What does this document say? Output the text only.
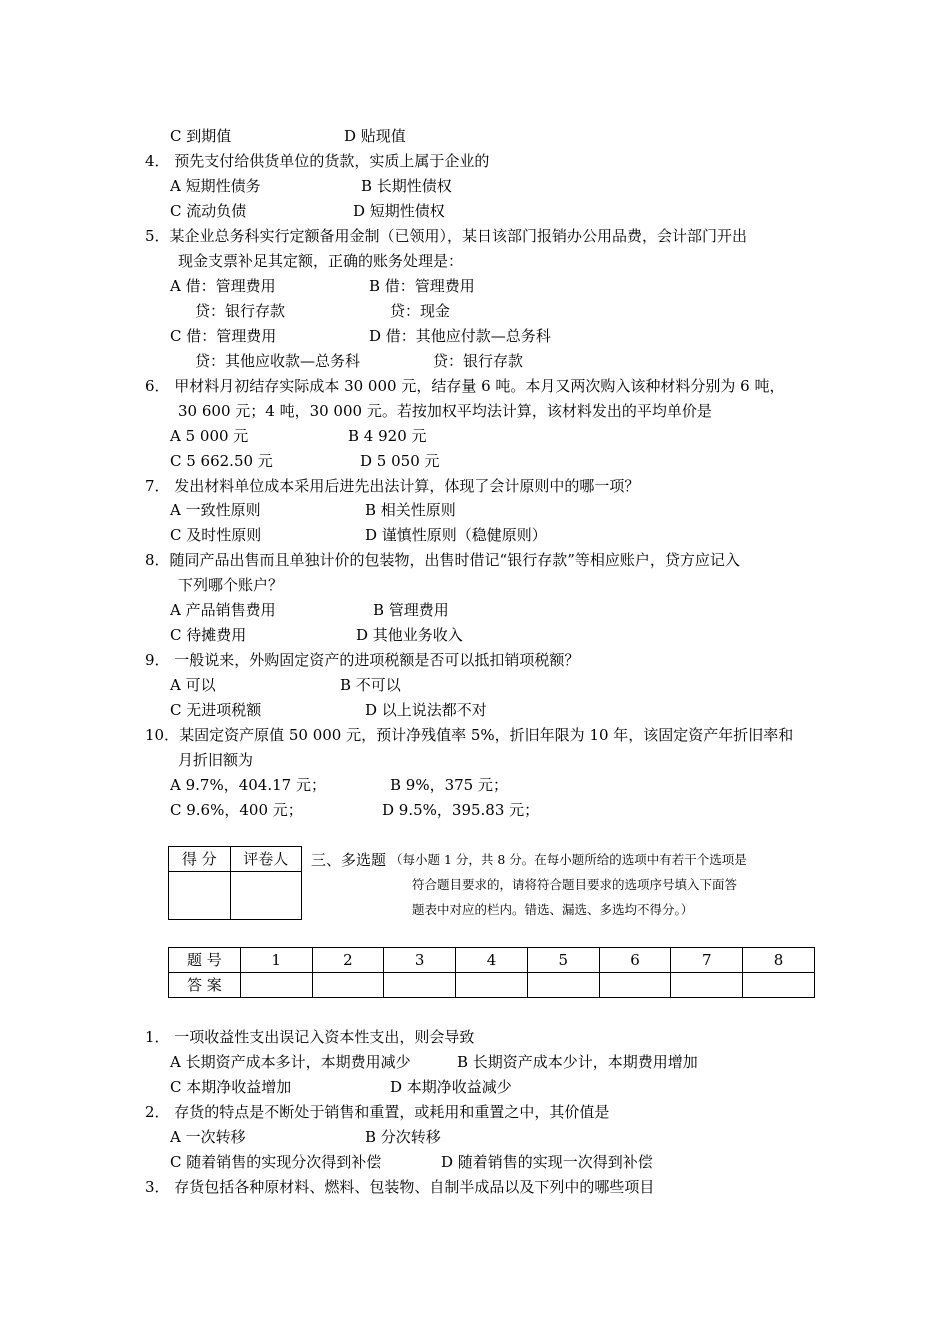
C 到期值	D 贴现值
4． 预先支付给供货单位的货款，实质上属于企业的
A 短期性债务	B 长期性债权
C 流动负债	D 短期性债权
5．某企业总务科实行定额备用金制（已领用），某日该部门报销办公用品费，会计部门开出
现金支票补足其定额，正确的账务处理是：
A 借：管理费用	B 借：管理费用
贷：银行存款	贷：现金
C 借：管理费用	D 借：其他应付款—总务科
贷：其他应收款—总务科	贷：银行存款
6． 甲材料月初结存实际成本 30 000 元，结存量 6 吨。本月又两次购入该种材料分别为 6 吨，
30 600 元；4 吨，30 000 元。若按加权平均法计算，该材料发出的平均单价是
A 5 000 元	B 4 920 元
C 5 662.50 元	D 5 050 元
7． 发出材料单位成本采用后进先出法计算，体现了会计原则中的哪一项？
A 一致性原则	B 相关性原则
C 及时性原则	D 谨慎性原则（稳健原则）
8．随同产品出售而且单独计价的包装物，出售时借记“银行存款”等相应账户，贷方应记入
下列哪个账户？
A 产品销售费用	B 管理费用
C 待摊费用	D 其他业务收入
9． 一般说来，外购固定资产的进项税额是否可以抵扣销项税额？
A 可以	B 不可以
C 无进项税额	D 以上说法都不对
10．某固定资产原值 50 000 元，预计净残值率 5%，折旧年限为 10 年，该固定资产年折旧率和
月折旧额为
A 9.7%，404.17 元；	B 9%，375 元；
C 9.6%，400 元；	D 9.5%，395.83 元；
得 分	评卷人
	三、多选题 （每小题 1 分，共 8 分。在每小题所给的选项中有若干个选项是
符合题目要求的，请将符合题目要求的选项序号填入下面答
题表中对应的栏内。错选、漏选、多选均不得分。）
题 号	1	2	3	4	5	6	7	8
答 案								
1． 一项收益性支出误记入资本性支出，则会导致
A 长期资产成本多计，本期费用减少	B 长期资产成本少计，本期费用增加
C 本期净收益增加	D 本期净收益减少
2． 存货的特点是不断处于销售和重置，或耗用和重置之中，其价值是
A 一次转移	B 分次转移
C 随着销售的实现分次得到补偿	D 随着销售的实现一次得到补偿
3． 存货包括各种原材料、燃料、包装物、自制半成品以及下列中的哪些项目
